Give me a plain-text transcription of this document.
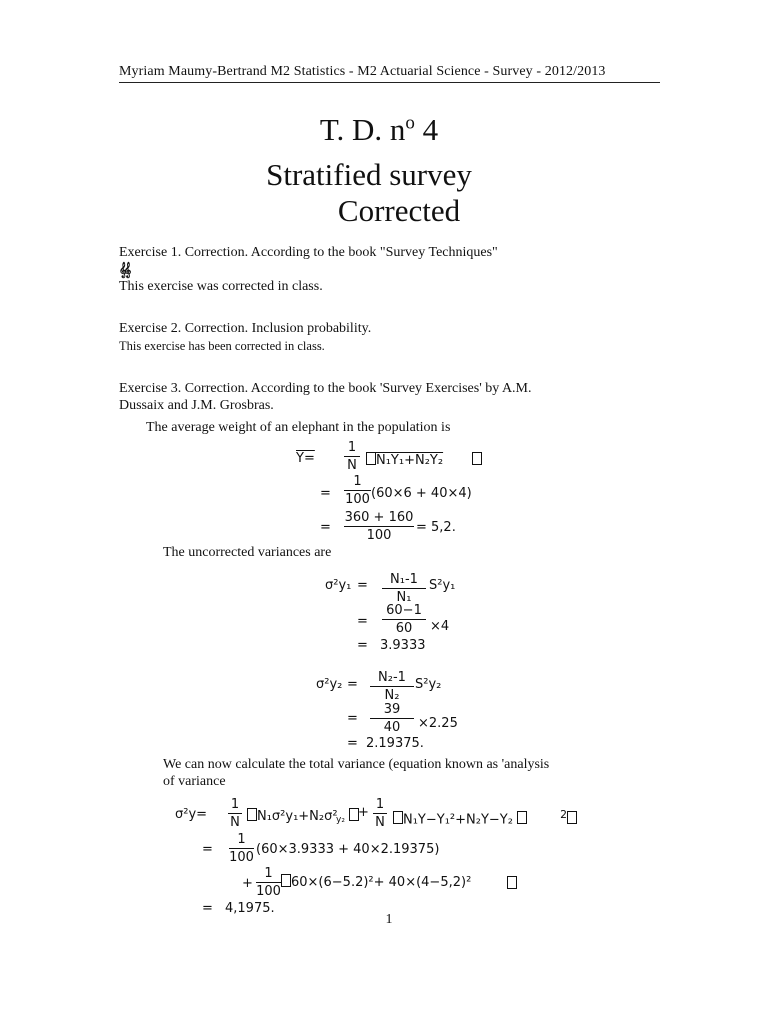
Myriam Maumy-Bertrand M2 Statistics - M2 Actuarial Science - Survey - 2012/2013
T. D. $n^o$ 4
Stratified survey
Corrected
Exercise 1. Correction. According to the book "Survey Techniques"
𝄞𝄞
This exercise was corrected in class.
Exercise 2. Correction. Inclusion probability.
This exercise has been corrected in class.
Exercise 3. Correction. According to the book 'Survey Exercises' by A.M.
Dussaix and J.M. Grosbras.
The average weight of an elephant in the population is
Y=
1
N	N₁Y₁+N₂Y₂
=
1
100 (60×6 + 40×4)
=
360 + 160
100
= 5,2.
The uncorrected variances are
σ²y₁ =	N₁-1
N₁
S²y₁
=
60−1
60	×4
= 3.9333
σ²y₂ =	N₂-1
N₂
S²y₂
=
39
40	×2.25
= 2.19375.
We can now calculate the total variance (equation known as 'analysis
of variance
σ²y=
1
N	N₁σ²y₁+N₂σ²
y₂ +
1
N	N₁Y−Y₁²+N₂Y−Y₂	$^2$
=
1
100
(60×3.9333 + 40×2.19375)
+
1
100
60×(6−5.2)²+ 40×(4−5,2)²
= 4,1975.
1
